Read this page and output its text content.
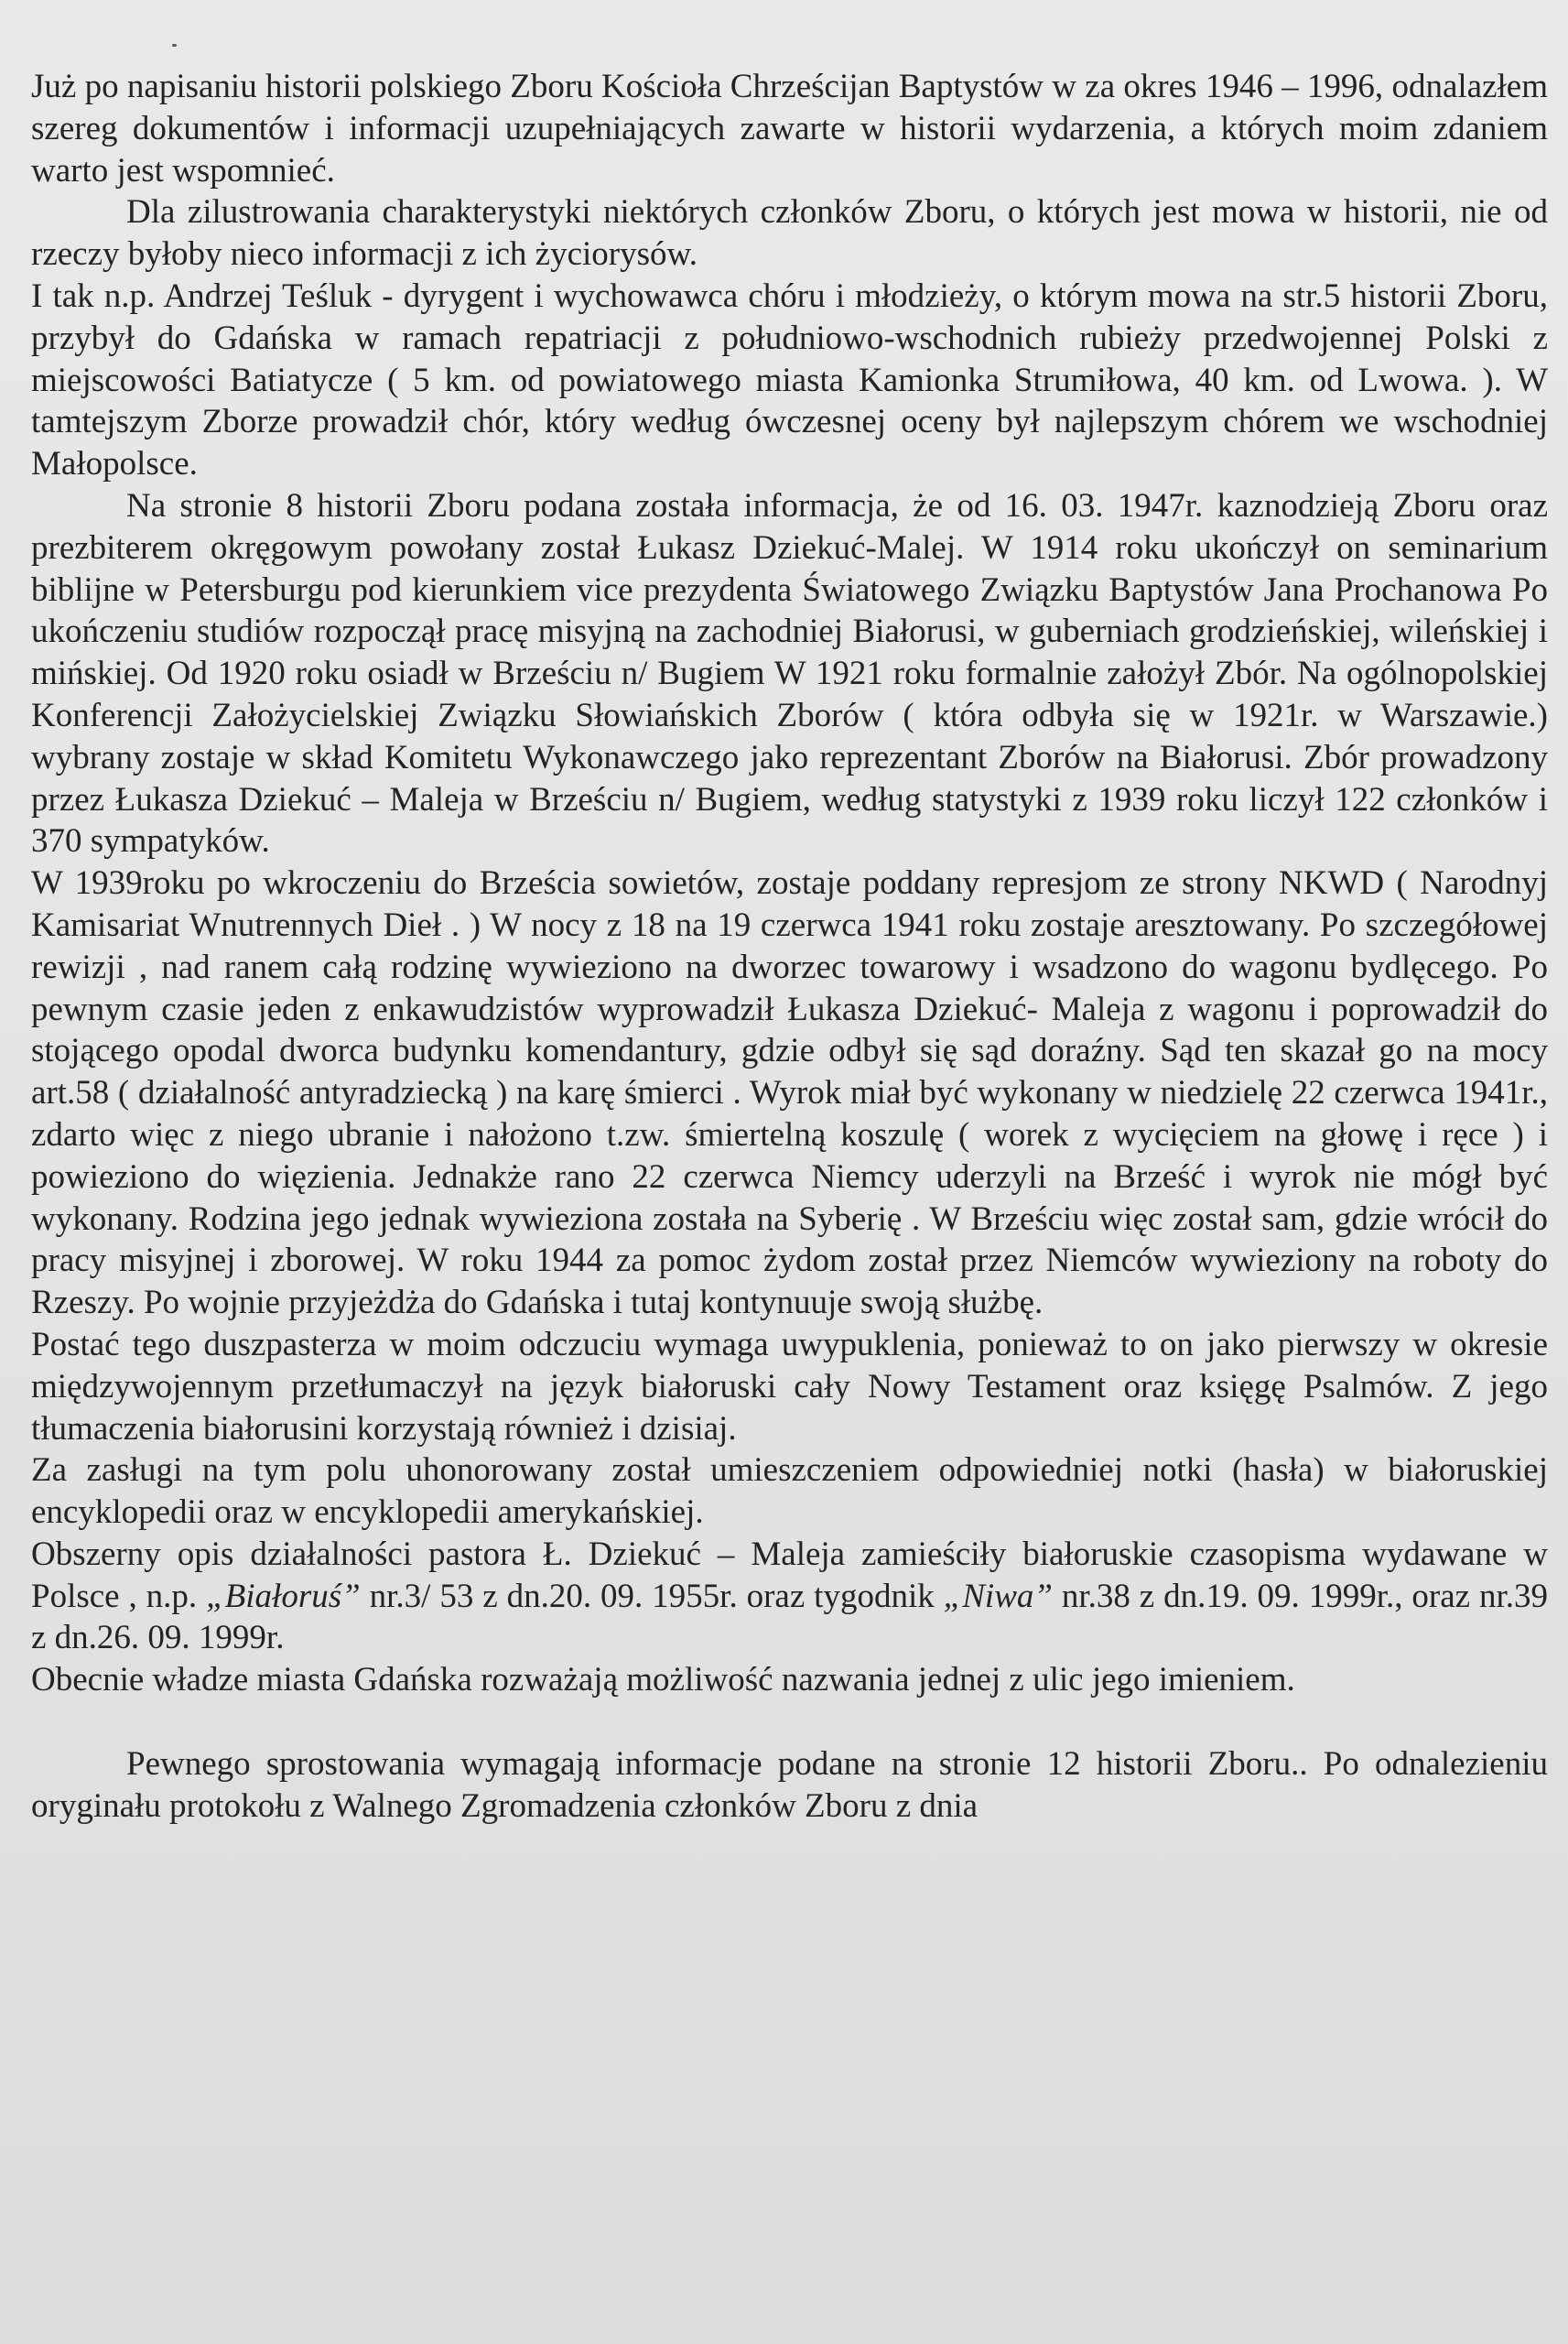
Już po napisaniu historii polskiego Zboru Kościoła Chrześcijan Baptystów w za okres 1946 – 1996, odnalazłem szereg dokumentów i informacji uzupełniających zawarte w historii wydarzenia, a których moim zdaniem warto jest wspomnieć.

Dla zilustrowania charakterystyki niektórych członków Zboru, o których jest mowa w historii, nie od rzeczy byłoby nieco informacji z ich życiorysów.

I tak n.p. Andrzej Teśluk - dyrygent i wychowawca chóru i młodzieży, o którym mowa na str.5 historii Zboru, przybył do Gdańska w ramach repatriacji z południowo-wschodnich rubieży przedwojennej Polski z miejscowości Batiatycze ( 5 km. od powiatowego miasta Kamionka Strumiłowa, 40 km. od Lwowa. ). W tamtejszym Zborze prowadził chór, który według ówczesnej oceny był najlepszym chórem we wschodniej Małopolsce.

Na stronie 8 historii Zboru podana została informacja, że od 16. 03. 1947r. kaznodzieją Zboru oraz prezbiterem okręgowym powołany został Łukasz Dziekuć-Malej. W 1914 roku ukończył on seminarium biblijne w Petersburgu pod kierunkiem vice prezydenta Światowego Związku Baptystów Jana Prochanowa Po ukończeniu studiów rozpoczął pracę misyjną na zachodniej Białorusi, w guberniach grodzieńskiej, wileńskiej i mińskiej. Od 1920 roku osiadł w Brześciu n/ Bugiem W 1921 roku formalnie założył Zbór. Na ogólnopolskiej Konferencji Założycielskiej Związku Słowiańskich Zborów ( która odbyła się w 1921r. w Warszawie.) wybrany zostaje w skład Komitetu Wykonawczego jako reprezentant Zborów na Białorusi. Zbór prowadzony przez Łukasza Dziekuć – Maleja w Brześciu n/ Bugiem, według statystyki z 1939 roku liczył 122 członków i 370 sympatyków.

W 1939roku po wkroczeniu do Brześcia sowietów, zostaje poddany represjom ze strony NKWD ( Narodnyj Kamisariat Wnutrennych Dieł . ) W nocy z 18 na 19 czerwca 1941 roku zostaje aresztowany. Po szczegółowej rewizji , nad ranem całą rodzinę wywieziono na dworzec towarowy i wsadzono do wagonu bydlęcego. Po pewnym czasie jeden z enkawudzistów wyprowadził Łukasza Dziekuć- Maleja z wagonu i poprowadził do stojącego opodal dworca budynku komendantury, gdzie odbył się sąd doraźny. Sąd ten skazał go na mocy art.58 ( działalność antyradziecką ) na karę śmierci . Wyrok miał być wykonany w niedzielę 22 czerwca 1941r., zdarto więc z niego ubranie i nałożono t.zw. śmiertelną koszulę ( worek z wycięciem na głowę i ręce ) i powieziono do więzienia. Jednakże rano 22 czerwca Niemcy uderzyli na Brześć i wyrok nie mógł być wykonany. Rodzina jego jednak wywieziona została na Syberię . W Brześciu więc został sam, gdzie wrócił do pracy misyjnej i zborowej. W roku 1944 za pomoc żydom został przez Niemców wywieziony na roboty do Rzeszy. Po wojnie przyjeżdża do Gdańska i tutaj kontynuuje swoją służbę.

Postać tego duszpasterza w moim odczuciu wymaga uwypuklenia, ponieważ to on jako pierwszy w okresie międzywojennym przetłumaczył na język białoruski cały Nowy Testament oraz księgę Psalmów. Z jego tłumaczenia białorusini korzystają również i dzisiaj.

Za zasługi na tym polu uhonorowany został umieszczeniem odpowiedniej notki (hasła) w białoruskiej encyklopedii oraz w encyklopedii amerykańskiej.

Obszerny opis działalności pastora Ł. Dziekuć – Maleja zamieściły białoruskie czasopisma wydawane w Polsce , n.p. „Białoruś” nr.3/ 53 z dn.20. 09. 1955r. oraz tygodnik „Niwa” nr.38 z dn.19. 09. 1999r., oraz nr.39 z dn.26. 09. 1999r.

Obecnie władze miasta Gdańska rozważają możliwość nazwania jednej z ulic jego imieniem.

Pewnego sprostowania wymagają informacje podane na stronie 12 historii Zboru.. Po odnalezieniu oryginału protokołu z Walnego Zgromadzenia członków Zboru z dnia
